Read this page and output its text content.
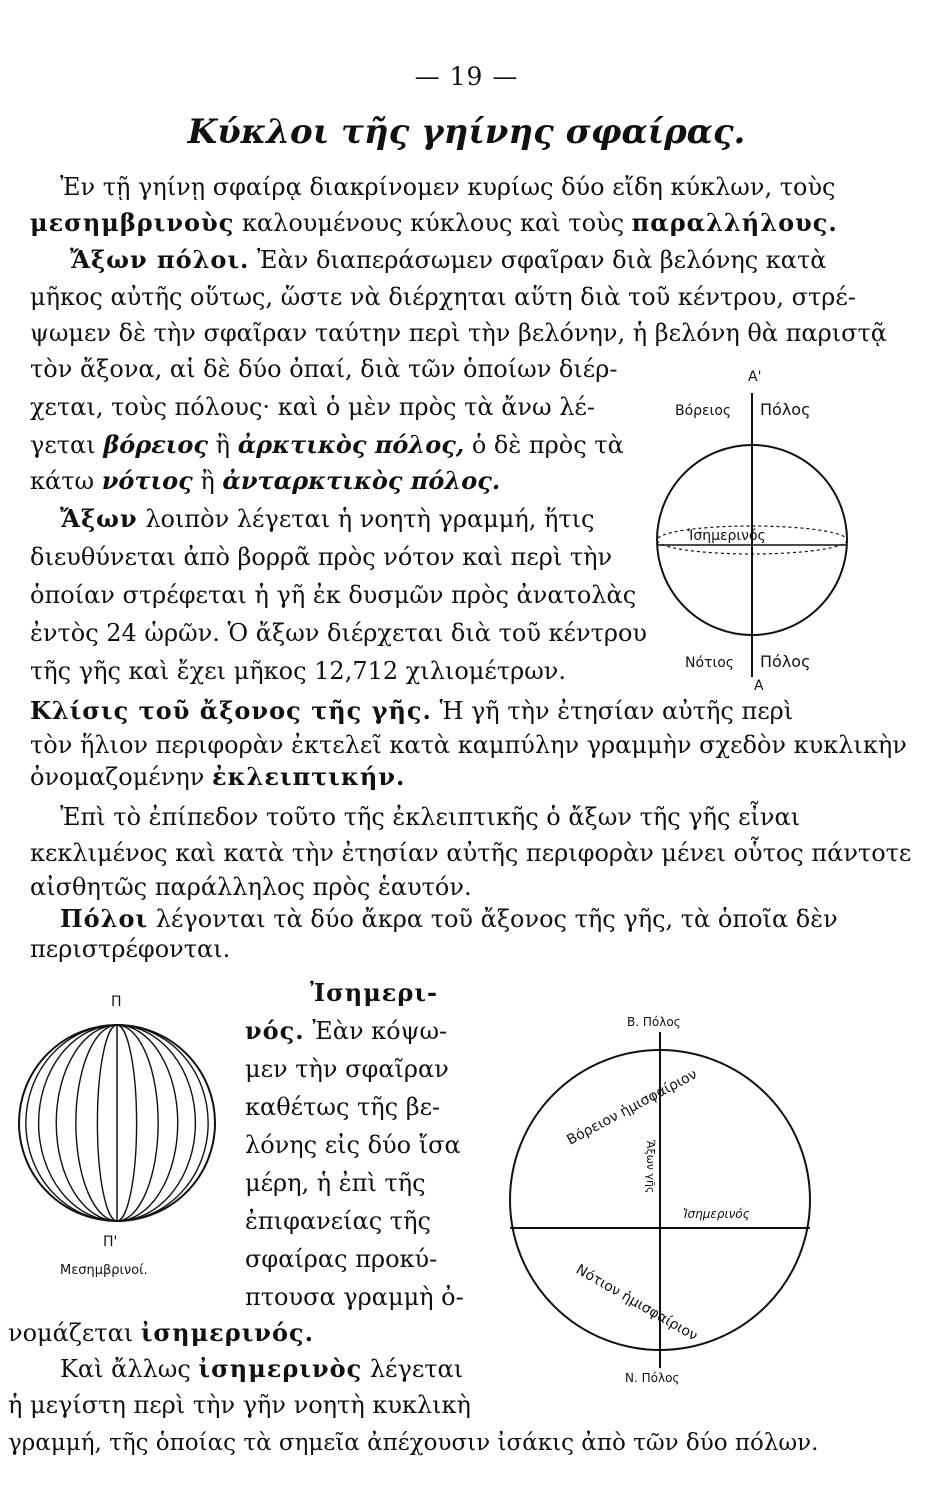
— 19 —
Κύκλοι τῆς γηίνης σφαίρας.
Ἐν τῇ γηίνῃ σφαίρᾳ διακρίνομεν κυρίως δύο εἴδη κύκλων, τοὺς
μεσημβρινοὺς καλουμένους κύκλους καὶ τοὺς παραλλήλους.
Ἄξων πόλοι. Ἐὰν διαπεράσωμεν σφαῖραν διὰ βελόνης κατὰ
μῆκος αὐτῆς οὕτως, ὥστε νὰ διέρχηται αὕτη διὰ τοῦ κέντρου, στρέ-
ψωμεν δὲ τὴν σφαῖραν ταύτην περὶ τὴν βελόνην, ἡ βελόνη θὰ παριστᾷ
τὸν ἄξονα, αἱ δὲ δύο ὀπαί, διὰ τῶν ὁποίων διέρ-
χεται, τοὺς πόλους· καὶ ὁ μὲν πρὸς τὰ ἄνω λέ-
γεται βόρειος ἢ ἀρκτικὸς πόλος, ὁ δὲ πρὸς τὰ
κάτω νότιος ἢ ἀνταρκτικὸς πόλος.
Ἄξων λοιπὸν λέγεται ἡ νοητὴ γραμμή, ἥτις
διευθύνεται ἀπὸ βορρᾶ πρὸς νότον καὶ περὶ τὴν
ὁποίαν στρέφεται ἡ γῆ ἐκ δυσμῶν πρὸς ἀνατολὰς
ἐντὸς 24 ὡρῶν. Ὁ ἄξων διέρχεται διὰ τοῦ κέντρου
τῆς γῆς καὶ ἔχει μῆκος 12,712 χιλιομέτρων.
Κλίσις τοῦ ἄξονος τῆς γῆς. Ἡ γῆ τὴν ἐτησίαν αὐτῆς περὶ
τὸν ἥλιον περιφορὰν ἐκτελεῖ κατὰ καμπύλην γραμμὴν σχεδὸν κυκλικὴν
ὀνομαζομένην ἐκλειπτικήν.
Ἐπὶ τὸ ἐπίπεδον τοῦτο τῆς ἐκλειπτικῆς ὁ ἄξων τῆς γῆς εἶναι
κεκλιμένος καὶ κατὰ τὴν ἐτησίαν αὐτῆς περιφορὰν μένει οὗτος πάντοτε
αἰσθητῶς παράλληλος πρὸς ἑαυτόν.
Πόλοι λέγονται τὰ δύο ἄκρα τοῦ ἄξονος τῆς γῆς, τὰ ὁποῖα δὲν
περιστρέφονται.
Ἰσημερι-
νός. Ἐὰν κόψω-
μεν τὴν σφαῖραν
καθέτως τῆς βε-
λόνης εἰς δύο ἴσα
μέρη, ἡ ἐπὶ τῆς
ἐπιφανείας τῆς
σφαίρας προκύ-
πτουσα γραμμὴ ὀ-
νομάζεται ἰσημερινός.
Καὶ ἄλλως ἰσημερινὸς λέγεται
ἡ μεγίστη περὶ τὴν γῆν νοητὴ κυκλικὴ
γραμμή, τῆς ὁποίας τὰ σημεῖα ἀπέχουσιν ἰσάκις ἀπὸ τῶν δύο πόλων.
Α'
Βόρειος Πόλος
Ἰσημερινός
Νότιος Πόλος
Α
Π
Π'
Μεσημβρινοί.
Β. Πόλος
Βόρειον ἡμισφαίριον
Ἰσημερινός
Ἄξων γῆς
Νότιον ἡμισφαίριον
Ν. Πόλος
